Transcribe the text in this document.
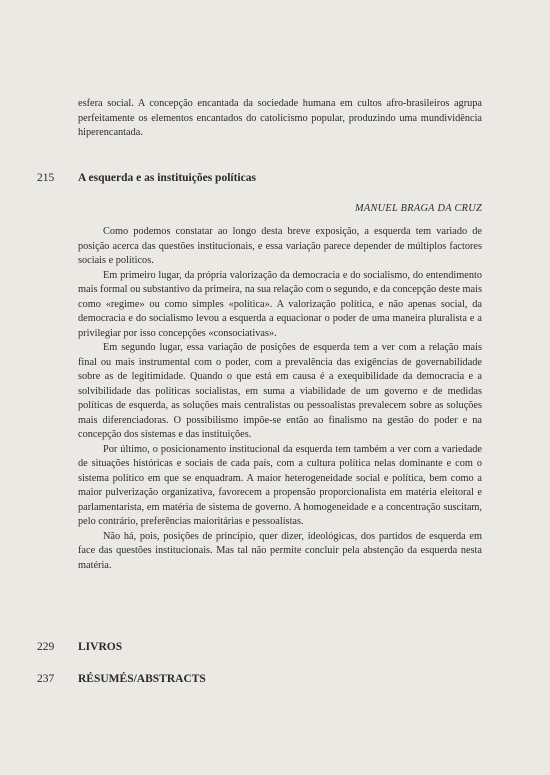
esfera social. A concepção encantada da sociedade humana em cultos afro-brasileiros agrupa perfeitamente os elementos encantados do catolicismo popular, produzindo uma mundividência hiperencantada.

215 A esquerda e as instituições políticas
MANUEL BRAGA DA CRUZ

Como podemos constatar ao longo desta breve exposição, a esquerda tem variado de posição acerca das questões institucionais, e essa variação parece depender de múltiplos factores sociais e políticos.

Em primeiro lugar, da própria valorização da democracia e do socialismo, do entendimento mais formal ou substantivo da primeira, na sua relação com o segundo, e da concepção deste mais como «regime» ou como simples «política». A valorização política, e não apenas social, da democracia e do socialismo levou a esquerda a equacionar o poder de uma maneira pluralista e a privilegiar por isso concepções «consociativas».

Em segundo lugar, essa variação de posições de esquerda tem a ver com a relação mais final ou mais instrumental com o poder, com a prevalência das exigências de governabilidade sobre as de legitimidade. Quando o que está em causa é a exequibilidade da democracia e a solvibilidade das políticas socialistas, em suma a viabilidade de um governo e de medidas políticas de esquerda, as soluções mais centralistas ou pessoalistas prevalecem sobre as soluções mais diferenciadoras. O possibilismo impõe-se então ao finalismo na gestão do poder e na concepção dos sistemas e das instituições.

Por último, o posicionamento institucional da esquerda tem também a ver com a variedade de situações históricas e sociais de cada país, com a cultura política nelas dominante e com o sistema político em que se enquadram. A maior heterogeneidade social e política, bem como a maior pulverização organizativa, favorecem a propensão proporcionalista em matéria eleitoral e parlamentarista, em matéria de sistema de governo. A homogeneidade e a concentração suscitam, pelo contrário, preferências maioritárias e pessoalistas.

Não há, pois, posições de princípio, quer dizer, ideológicas, dos partidos de esquerda em face das questões institucionais. Mas tal não permite concluir pela abstenção da esquerda nesta matéria.

229 LIVROS
237 RÉSUMÉS/ABSTRACTS
